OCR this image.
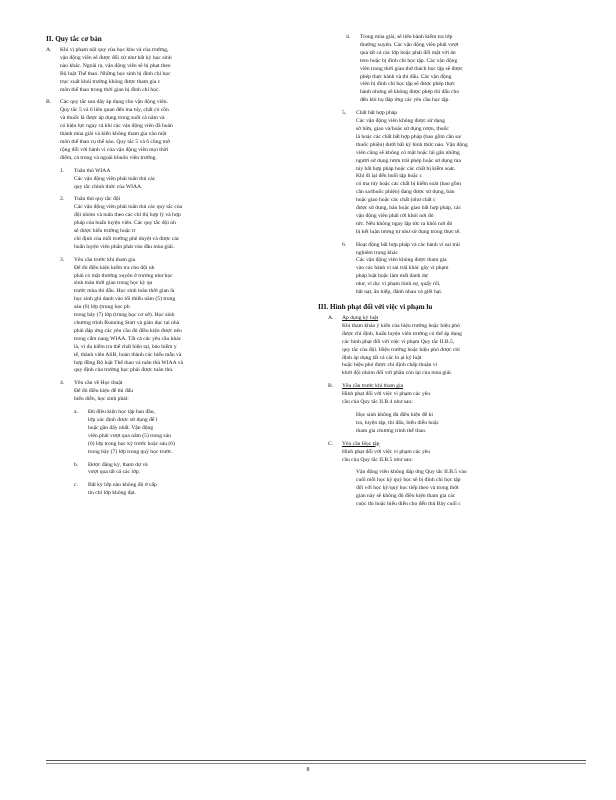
II. Quy tắc cơ bản
A.	Khi vị phạm nội quy của học khu và của trường,
vận động viên sẽ được đối xử như bất kỳ học sinh
nào khác. Ngoài ra, vận động viên sẽ bị phạt theo
Bộ luật Thể thao. Những học sinh bị đình chỉ học
trục xuất khỏi trường không được tham gia c
môn thể thao trong thời gian bị đình chỉ học.
B.	Các quy tắc sau đây áp dụng cho vận động viên.
Quy tắc 5 và 6 liên quan đến ma túy, chất có cồn
và thuốc lá được áp dụng trong suốt cả năm và
có hiệu lực ngay cả khi các vận động viên đã hoàn
thành mùa giải và kiến không tham gia vào một
môn thể thao cụ thể nào. Quy tắc 5 và 6 cũng mở
rộng đối với hành vi của vận động viên mọi thời
điểm, cả trong và ngoài khuôn viên trường.
1.	Tuân thủ WIAA
Các vận động viên phải tuân thủ các
quy tắc chính thức của WIAA.
2.	Tuân thủ quy tắc đội
Các vận động viên phải tuân thủ các quy tắc của
đội nhóm và tuân theo các chỉ thị hợp lý và hợp
pháp của huấn luyện viên. Các quy tắc đội nh
sẽ được hiểu trường hoặc tr
chỉ định của mỗi trường phê duyệt và được các
huấn luyện viên phân phát vào đầu mùa giải.
3.	Yêu cầu trước khi tham gia
Để đủ điều kiện kiểm tra cho đội nh
phải có mặt thường xuyên ở trường như học
sinh toàn thời gian trong học kỳ qu
trước mùa thi đấu. Học sinh toàn thời gian là
học sinh ghi danh vào tối thiểu năm (5) trong
sáu (6) lớp (trung học ph
trong bảy (7) lớp (trung học cơ sở). Học sinh
chương trình Running Start và giáo dục tại nhà
phải đáp ứng các yêu cầu đủ điều kiện được nêu
trong cẩm nang WIAA. Tất cả các yêu cầu khác
là, ví dụ kiểm tra thể chất hiện tại, bảo hiểm y
tế, thành viên ASB, hoàn thành các biểu mẫu và
hợp đồng Bộ luật Thể thao và tuân thủ WIAA và
quy định của trường học phải được tuân thủ.
4.	Yêu cầu về Học thuật
Để đủ điều kiện để thi đấu
biểu diễn, học sinh phải:
a.	Đủ điều kiện học tập ban đầu,
lớp xác định được sử dụng để l
hoặc gần đây nhất. Vận động
viên phải vượt qua năm (5) trong sáu
(6) lớp trong học kỳ trước hoặc sáu (6)
trong bảy (7) lớp trong quý học trước.
b.	Được đăng ký, tham dự và
vượt qua tất cả các lớp.
c.	Bất kỳ lớp nào không đủ ở cấp
tín chỉ lớp không đạt.
d.	Trong mùa giải, sẽ tiến hành kiểm tra lớp
thường xuyên. Các vận động viên phải vượt
qua tất cả các lớp hoặc phải đối mặt với án
treo hoặc bị đình chỉ học tập. Các vận động
viên trong thời gian thử thách học tập sẽ được
phép thực hành và thi đấu. Các vận động
viên bị đình chỉ học tập sẽ được phép thực
hành nhưng sẽ không được phép thi đấu cho
đến khi họ đáp ứng các yêu cầu học tập.
5.	Chất bất hợp pháp
Các vận động viên không được sử dụng
sở hữu, giao và/hoặc sử dụng rượu, thuốc
lá hoặc các chất bất hợp pháp (bao gồm cần sa/
thuốc phiện) dưới bất kỳ hình thức nào. Vận động
viên cũng sẽ không có mặt hoặc lái gắn những
người sử dụng rượu trái phép hoặc sử dụng ma
túy bất hợp pháp hoặc các chất bị kiểm soát.
Khi đi lại đến buổi tập hoặc c
có ma túy hoặc các chất bị kiểm soát (bao gồm
cần sa/thuốc phiện) đang được sử dụng, bán
hoặc giao hoặc các chất (như chất c
được sử dụng, bán hoặc giao bất hợp pháp, các
vận động viên phải rời khỏi nơi đó
tức. Nếu không ngay lập tức ra khỏi nơi đó
bị kết luận tương tự như sử dụng trong thực tế.
6.	Hoạt động bất hợp pháp và các hành vi sai trái
nghiêm trọng khác
Các vận động viên không được tham gia
vào các hành vi sai trái khác gây vi phạm
pháp luật hoặc làm mất danh dự
như, ví dụ: vi phạm hình sự, quấy rối,
bắt nạt, ăn hiếp, đánh nhau và giết hại.
III. Hình phạt đối với việc vi phạm lu
A.	Áp dụng kỷ luật
Khi tham khảo ý kiến của hiệu trưởng hoặc hiệu phó
được chỉ định, huấn luyện viên trưởng có thể áp dụng
các hình phạt đối với việc vi phạm Quy tắc II.B.5,
quy tắc của đội. Hiệu trưởng hoặc hiệu phó được chỉ
định áp dụng tất cả các lo ại kỷ luật
hoặc hiệu phó được chỉ định chấp thuận vi
khởi đội nhóm đối với phần còn lại của mùa giải.
B.	Yêu cầu trước khi tham gia
Hình phạt đối với việc vi phạm các yêu
cầu của Quy tắc II.B.4 như sau:
Học sinh không đủ điều kiện để ki
tra, luyện tập, thi đấu, biểu diễn hoặc
tham gia chương trình thể thao.
C.	Yêu cầu Học tập
Hình phạt đối với việc vi phạm các yêu
cầu của Quy tắc II.B.5 như sau:
Vận động viên không đáp ứng Quy tắc II.B.5 vào
cuối mỗi học kỳ quý học sẽ bị đình chỉ học tập
đối với học kỳ/quý học tiếp theo và trong thời
gian này sẽ không đủ điều kiện tham gia các
cuộc thi hoặc biểu diễn cho đến thủ Bảy cuối c
8
